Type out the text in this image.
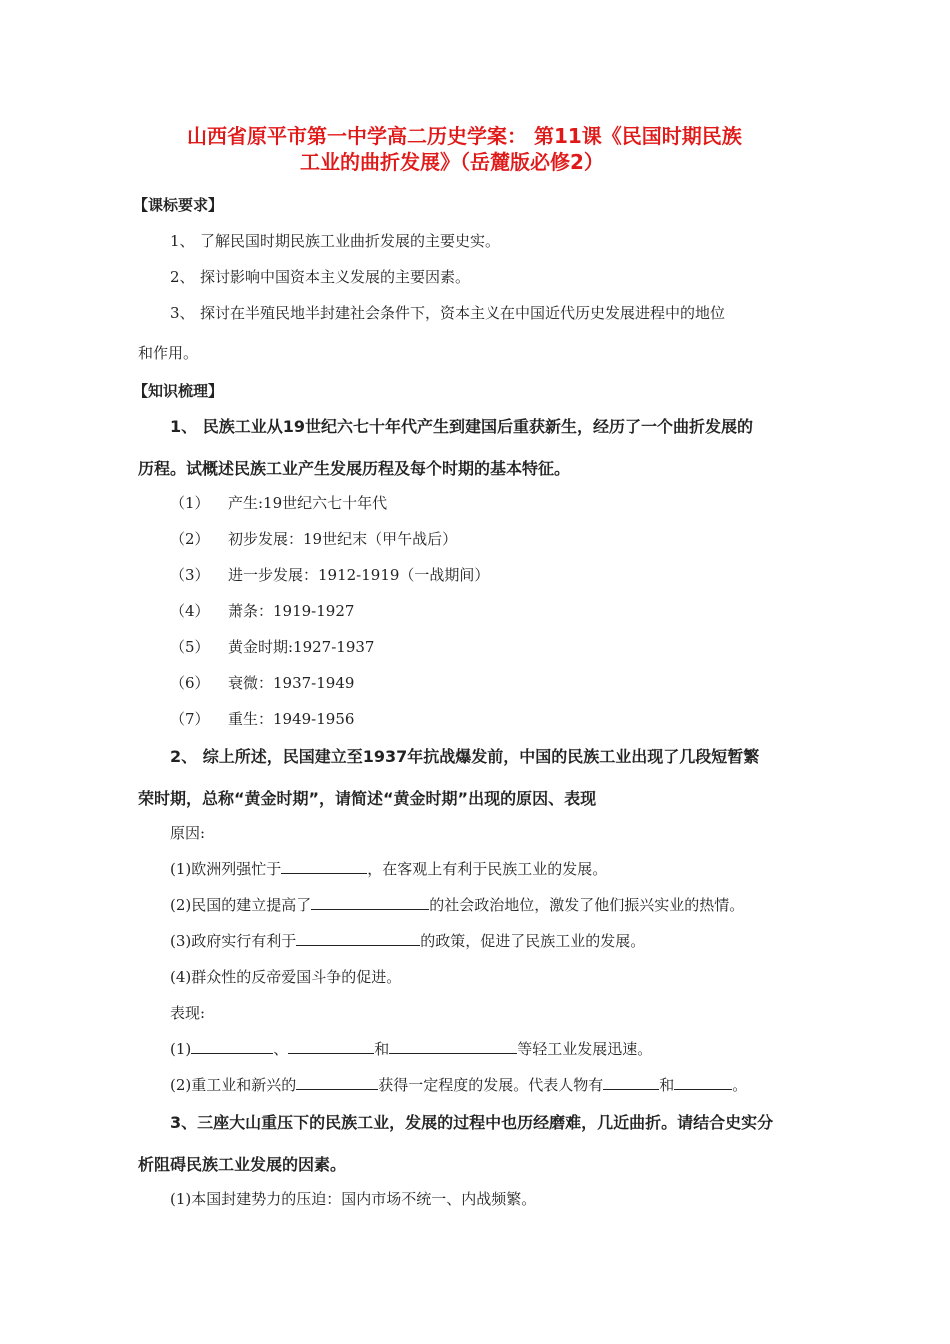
山西省原平市第一中学高二历史学案： 第11课《民国时期民族
工业的曲折发展》（岳麓版必修2）
【课标要求】
1、 了解民国时期民族工业曲折发展的主要史实。
2、 探讨影响中国资本主义发展的主要因素。
3、 探讨在半殖民地半封建社会条件下，资本主义在中国近代历史发展进程中的地位
和作用。
【知识梳理】
1、 民族工业从19世纪六七十年代产生到建国后重获新生，经历了一个曲折发展的
历程。试概述民族工业产生发展历程及每个时期的基本特征。
（1） 产生:19世纪六七十年代
（2） 初步发展：19世纪末（甲午战后）
（3） 进一步发展：1912-1919（一战期间）
（4） 萧条：1919-1927
（5） 黄金时期:1927-1937
（6） 衰微：1937-1949
（7） 重生：1949-1956
2、 综上所述，民国建立至1937年抗战爆发前，中国的民族工业出现了几段短暂繁
荣时期，总称“黄金时期”，请简述“黄金时期”出现的原因、表现
原因:
(1)欧洲列强忙于	，在客观上有利于民族工业的发展。
(2)民国的建立提高了	的社会政治地位，激发了他们振兴实业的热情。
(3)政府实行有利于	的政策，促进了民族工业的发展。
(4)群众性的反帝爱国斗争的促进。
表现:
(1)	、	和	等轻工业发展迅速。
(2)重工业和新兴的	获得一定程度的发展。代表人物有	和	。
3、三座大山重压下的民族工业，发展的过程中也历经磨难，几近曲折。请结合史实分
析阻碍民族工业发展的因素。
(1)本国封建势力的压迫：国内市场不统一、内战频繁。
